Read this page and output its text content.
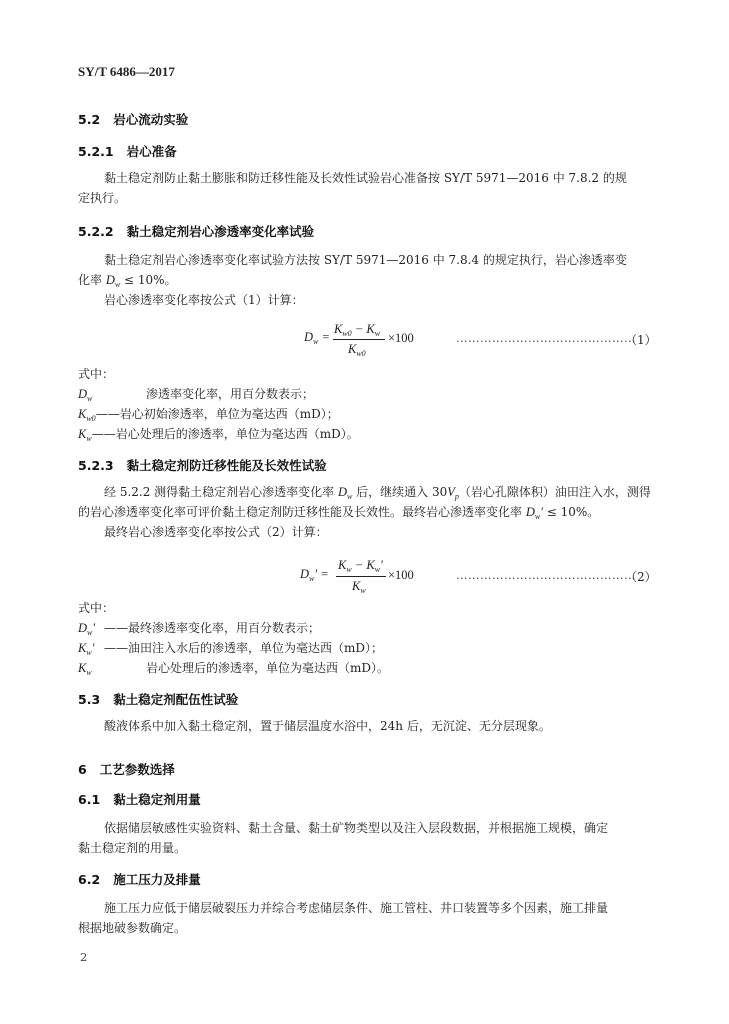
SY/T 6486—2017
5.2 岩心流动实验
5.2.1 岩心准备
黏土稳定剂防止黏土膨胀和防迁移性能及长效性试验岩心准备按 SY/T 5971—2016 中 7.8.2 的规
定执行。
5.2.2 黏土稳定剂岩心渗透率变化率试验
黏土稳定剂岩心渗透率变化率试验方法按 SY/T 5971—2016 中 7.8.4 的规定执行，岩心渗透率变
化率 $D_w \le 10\%$。
岩心渗透率变化率按公式（1）计算：
$D_w$ =
$K_{w0} - K_w$
$K_{w0}$
×100	………………………………………
（1）
式中：
$D_w$	渗透率变化率，用百分数表示；
$K_{w0}——$岩心初始渗透率，单位为毫达西（mD）；
$K_w——$岩心处理后的渗透率，单位为毫达西（mD）。
5.2.3 黏土稳定剂防迁移性能及长效性试验
经 5.2.2 测得黏土稳定剂岩心渗透率变化率 $D_w$ 后，继续通入 $30V_p$（岩心孔隙体积）油田注入水，测得
的岩心渗透率变化率可评价黏土稳定剂防迁移性能及长效性。最终岩心渗透率变化率 $D_w' \le 10\%$。
最终岩心渗透率变化率按公式（2）计算：
$D_w'$ =
$K_w - K_w'$
$K_w$
×100	………………………………………
（2）
式中：
$D_w'$ ——最终渗透率变化率，用百分数表示；
$K_w'$ ——油田注入水后的渗透率，单位为毫达西（mD）；
$K_w$	岩心处理后的渗透率，单位为毫达西（mD）。
5.3 黏土稳定剂配伍性试验
酸液体系中加入黏土稳定剂，置于储层温度水浴中，24h 后，无沉淀、无分层现象。
6 工艺参数选择
6.1 黏土稳定剂用量
依据储层敏感性实验资料、黏土含量、黏土矿物类型以及注入层段数据，并根据施工规模，确定
黏土稳定剂的用量。
6.2 施工压力及排量
施工压力应低于储层破裂压力并综合考虑储层条件、施工管柱、井口装置等多个因素，施工排量
根据地破参数确定。
2
